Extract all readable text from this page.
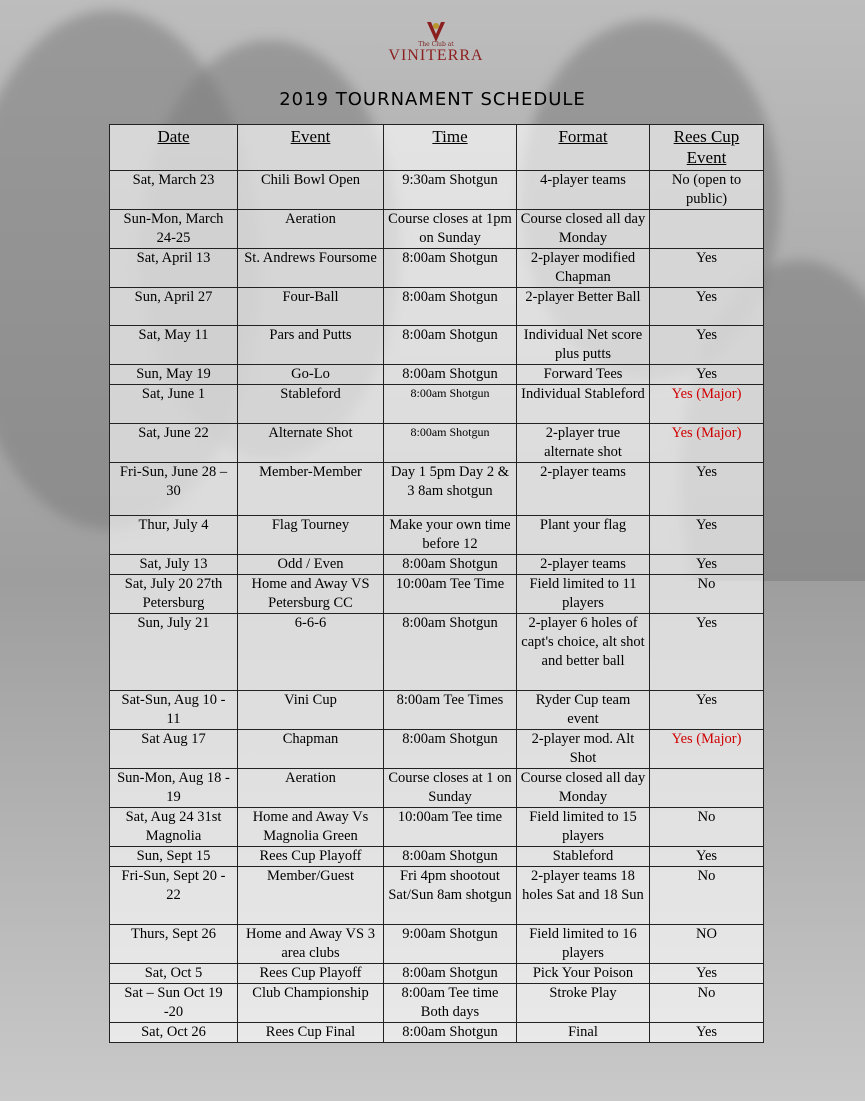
The Club at
VINITERRA
2019 TOURNAMENT SCHEDULE
Date	Event	Time	Format	Rees Cup Event
Sat, March 23	Chili Bowl Open	9:30am Shotgun	4-player teams	No (open to public)
Sun-Mon, March 24-25	Aeration	Course closes at 1pm on Sunday	Course closed all day Monday	
Sat, April 13	St. Andrews Foursome	8:00am Shotgun	2-player modified Chapman	Yes
Sun, April 27	Four-Ball	8:00am Shotgun	2-player Better Ball	Yes
Sat, May 11	Pars and Putts	8:00am Shotgun	Individual Net score plus putts	Yes
Sun, May 19	Go-Lo	8:00am Shotgun	Forward Tees	Yes
Sat, June 1	Stableford	8:00am Shotgun	Individual Stableford	Yes (Major)
Sat, June 22	Alternate Shot	8:00am Shotgun	2-player true alternate shot	Yes (Major)
Fri-Sun, June 28 – 30	Member-Member	Day 1 5pm Day 2 & 3 8am shotgun	2-player teams	Yes
Thur, July 4	Flag Tourney	Make your own time before 12	Plant your flag	Yes
Sat, July 13	Odd / Even	8:00am Shotgun	2-player teams	Yes
Sat, July 20 27th Petersburg	Home and Away VS Petersburg CC	10:00am Tee Time	Field limited to 11 players	No
Sun, July 21	6-6-6	8:00am Shotgun	2-player 6 holes of capt's choice, alt shot and better ball	Yes
Sat-Sun, Aug 10 - 11	Vini Cup	8:00am Tee Times	Ryder Cup team event	Yes
Sat Aug 17	Chapman	8:00am Shotgun	2-player mod. Alt Shot	Yes (Major)
Sun-Mon, Aug 18 - 19	Aeration	Course closes at 1 on Sunday	Course closed all day Monday	
Sat, Aug 24 31st Magnolia	Home and Away Vs Magnolia Green	10:00am Tee time	Field limited to 15 players	No
Sun, Sept 15	Rees Cup Playoff	8:00am Shotgun	Stableford	Yes
Fri-Sun, Sept 20 - 22	Member/Guest	Fri 4pm shootout Sat/Sun 8am shotgun	2-player teams 18 holes Sat and 18 Sun	No
Thurs, Sept 26	Home and Away VS 3 area clubs	9:00am Shotgun	Field limited to 16 players	NO
Sat, Oct 5	Rees Cup Playoff	8:00am Shotgun	Pick Your Poison	Yes
Sat – Sun Oct 19 -20	Club Championship	8:00am Tee time Both days	Stroke Play	No
Sat, Oct 26	Rees Cup Final	8:00am Shotgun	Final	Yes
